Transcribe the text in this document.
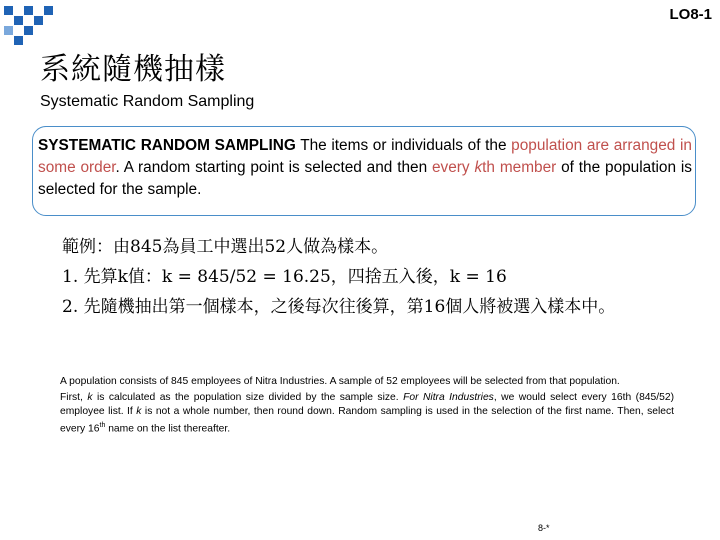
LO8-1
系統隨機抽樣
Systematic Random Sampling
SYSTEMATIC RANDOM SAMPLING The items or individuals of the population are arranged in some order. A random starting point is selected and then every kth member of the population is selected for the sample.
範例：由845為員工中選出52人做為樣本。
1. 先算k值：k = 845/52 = 16.25，四捨五入後，k = 16
2. 先隨機抽出第一個樣本，之後每次往後算，第16個人將被選入樣本中。

A population consists of 845 employees of Nitra Industries. A sample of 52 employees will be selected from that population.

First, k is calculated as the population size divided by the sample size. For Nitra Industries, we would select every 16th (845/52) employee list. If k is not a whole number, then round down. Random sampling is used in the selection of the first name. Then, select every 16th name on the list thereafter.

8-*
